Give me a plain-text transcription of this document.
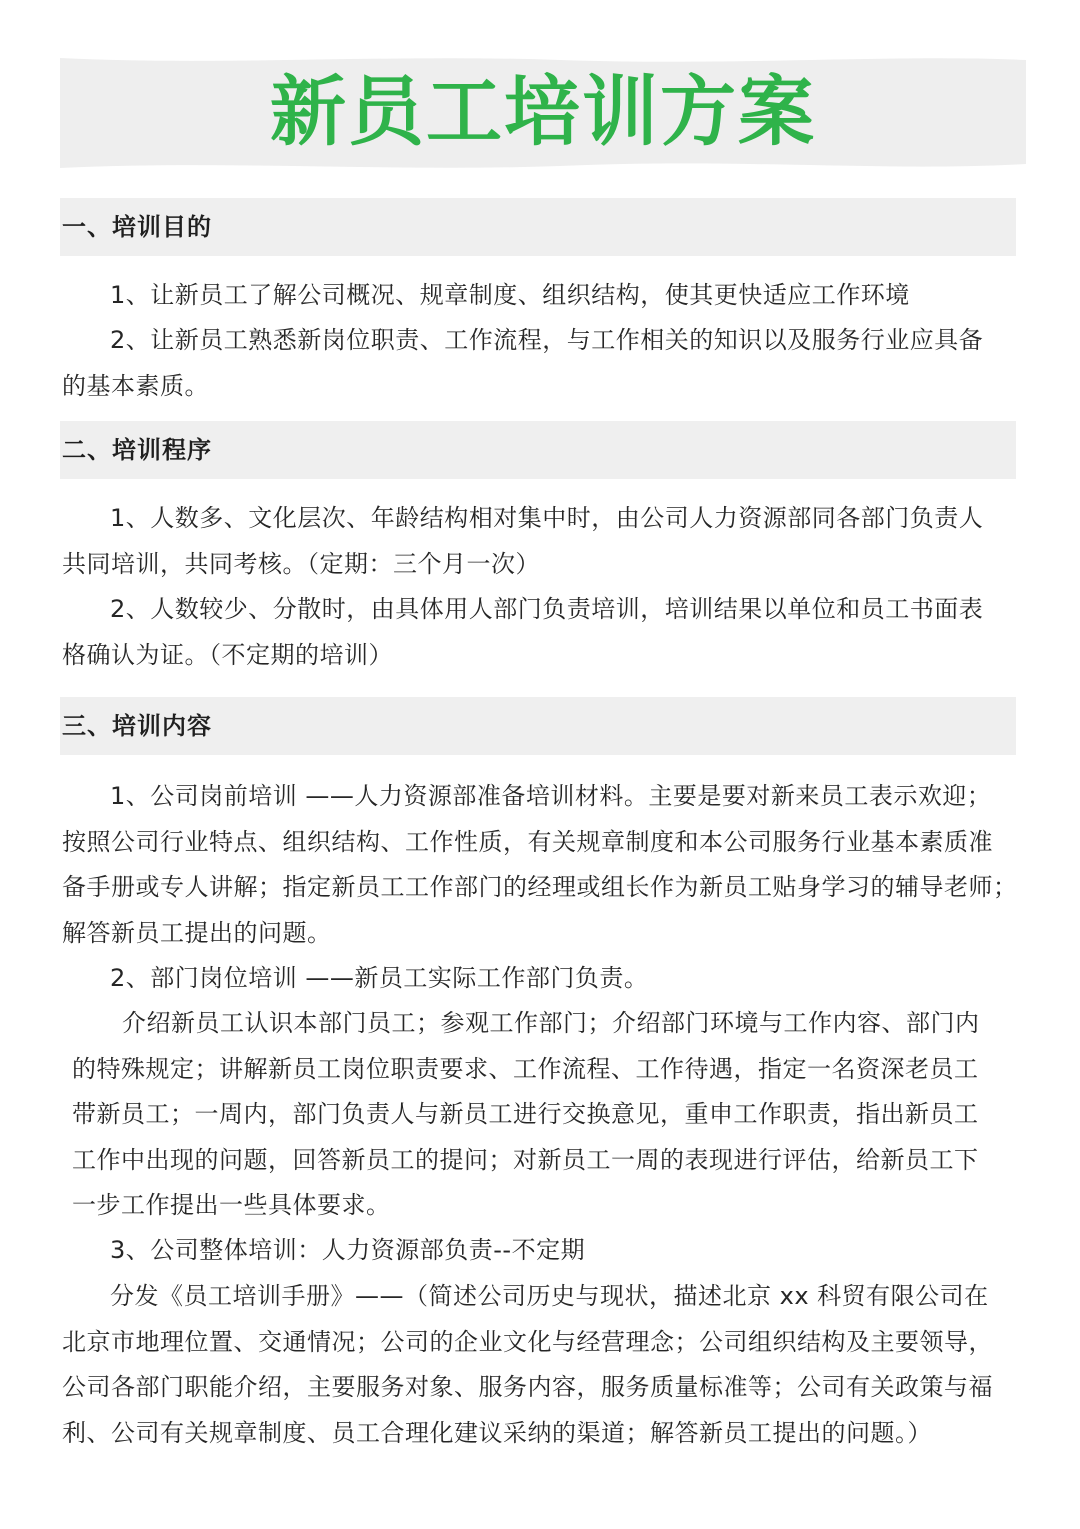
新员工培训方案
一、培训目的
1、让新员工了解公司概况、规章制度、组织结构，使其更快适应工作环境
2、让新员工熟悉新岗位职责、工作流程，与工作相关的知识以及服务行业应具备
的基本素质。
二、培训程序
1、人数多、文化层次、年龄结构相对集中时，由公司人力资源部同各部门负责人
共同培训，共同考核。（定期：三个月一次）
2、人数较少、分散时，由具体用人部门负责培训，培训结果以单位和员工书面表
格确认为证。（不定期的培训）
三、培训内容
1、公司岗前培训 ——人力资源部准备培训材料。主要是要对新来员工表示欢迎；
按照公司行业特点、组织结构、工作性质，有关规章制度和本公司服务行业基本素质准
备手册或专人讲解；指定新员工工作部门的经理或组长作为新员工贴身学习的辅导老师；
解答新员工提出的问题。
2、部门岗位培训 ——新员工实际工作部门负责。
介绍新员工认识本部门员工；参观工作部门；介绍部门环境与工作内容、部门内
的特殊规定；讲解新员工岗位职责要求、工作流程、工作待遇，指定一名资深老员工
带新员工；一周内，部门负责人与新员工进行交换意见，重申工作职责，指出新员工
工作中出现的问题，回答新员工的提问；对新员工一周的表现进行评估，给新员工下
一步工作提出一些具体要求。
3、公司整体培训：人力资源部负责--不定期
分发《员工培训手册》——（简述公司历史与现状，描述北京 xx 科贸有限公司在
北京市地理位置、交通情况；公司的企业文化与经营理念；公司组织结构及主要领导，
公司各部门职能介绍，主要服务对象、服务内容，服务质量标准等；公司有关政策与福
利、公司有关规章制度、员工合理化建议采纳的渠道；解答新员工提出的问题。）
